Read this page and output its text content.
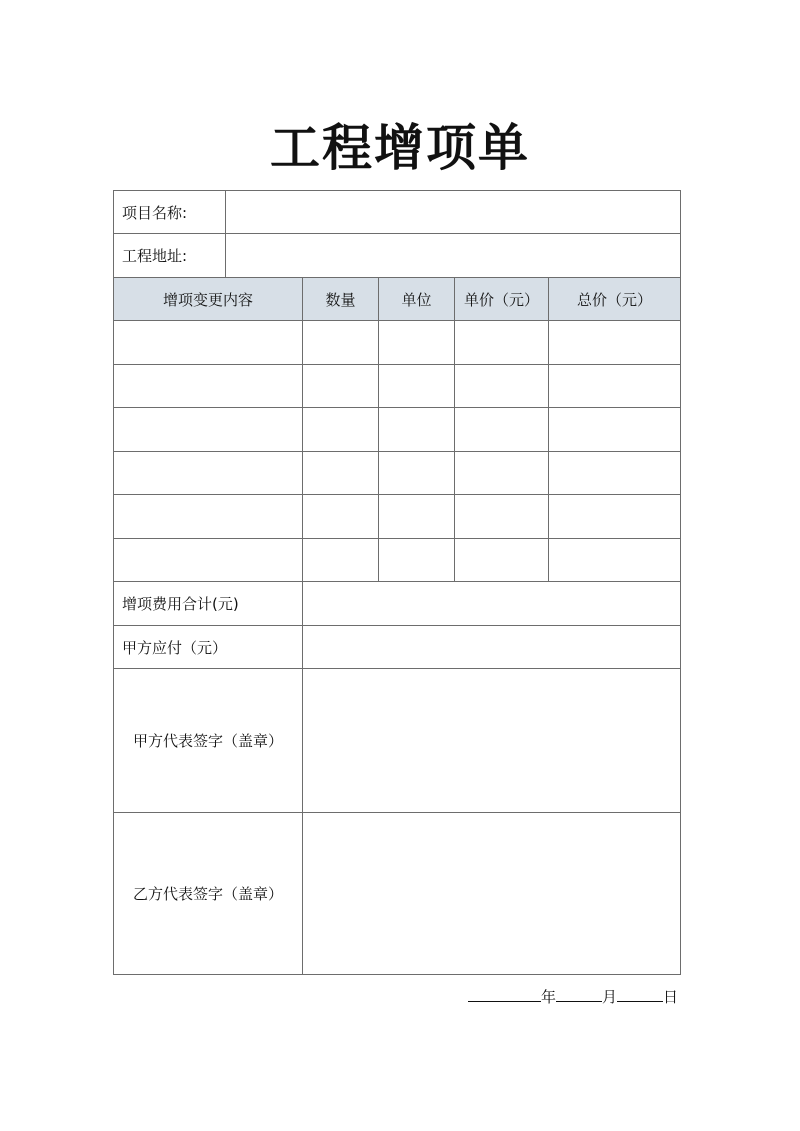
工程增项单
项目名称:					
工程地址:					
增项变更内容		数量	单位	单价（元）	总价（元）

增项费用合计(元)					
甲方应付（元）					
甲方代表签字（盖章）					
乙方代表签字（盖章）					
年	月	日
